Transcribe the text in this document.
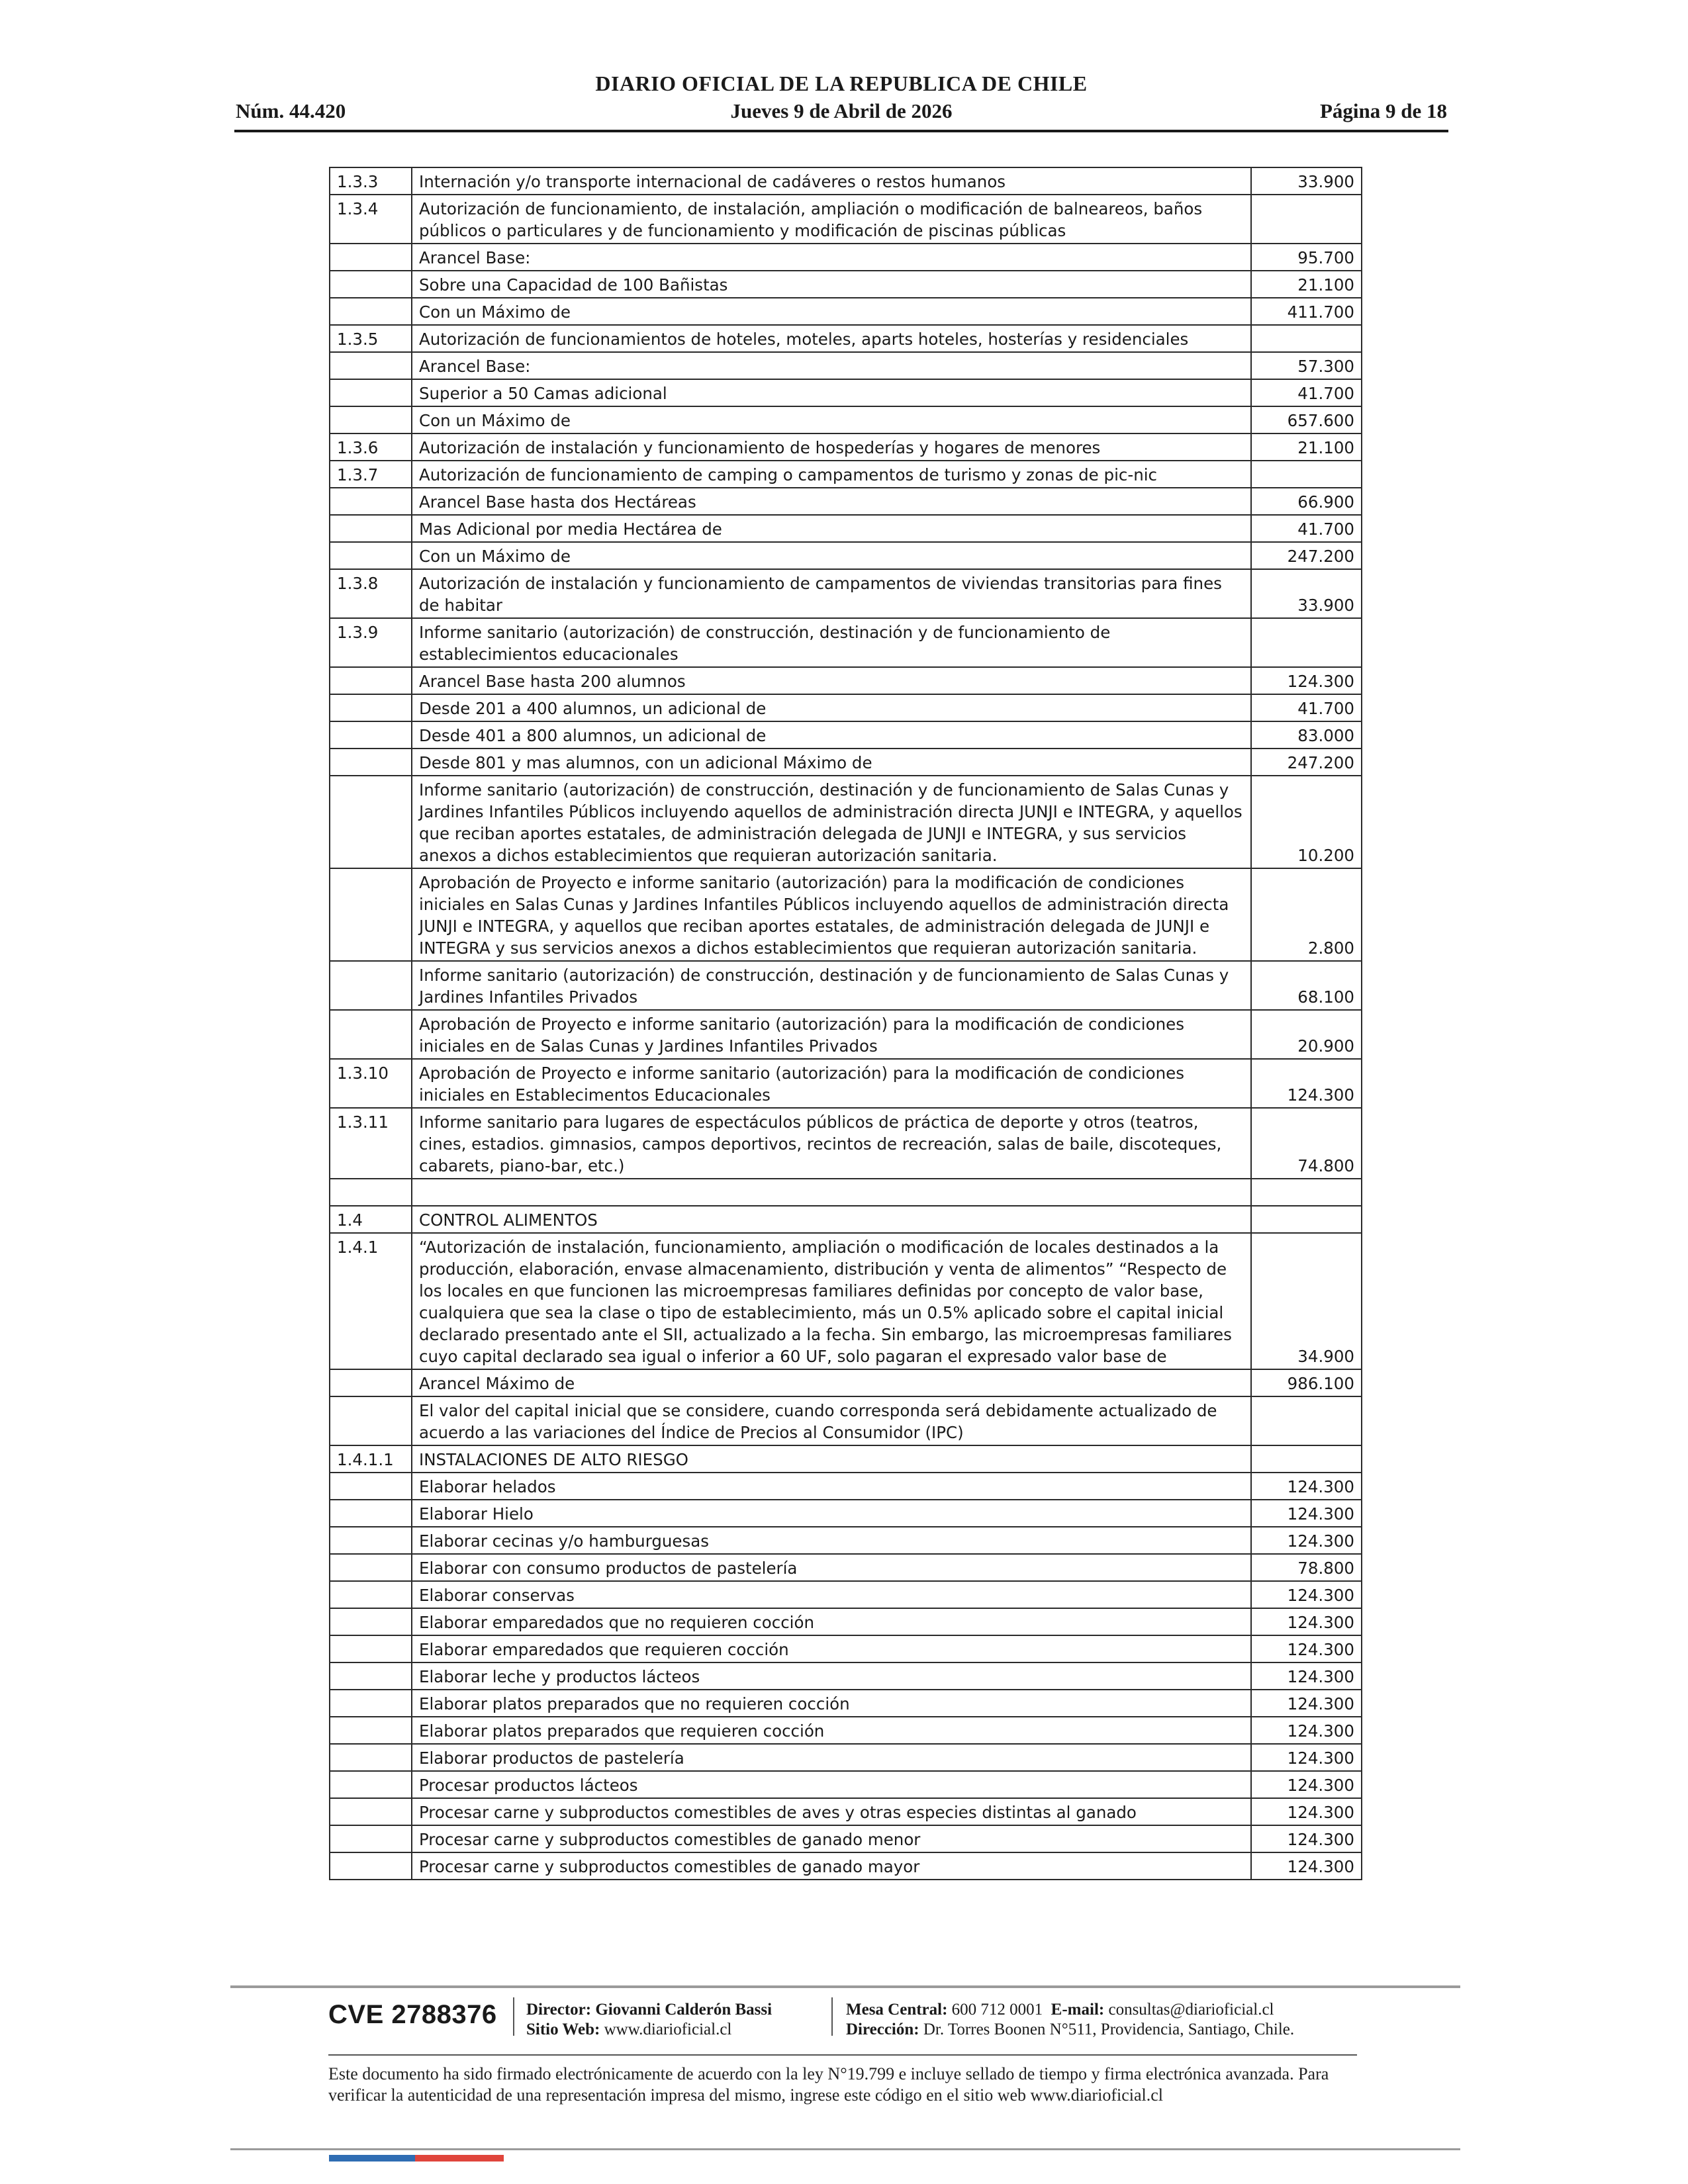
DIARIO OFICIAL DE LA REPUBLICA DE CHILE
Núm. 44.420	Jueves 9 de Abril de 2026	Página 9 de 18
1.3.3	Internación y/o transporte internacional de cadáveres o restos humanos	33.900
1.3.4	Autorización de funcionamiento, de instalación, ampliación o modificación de balneareos, baños públicos o particulares y de funcionamiento y modificación de piscinas públicas	
	Arancel Base:	95.700
	Sobre una Capacidad de 100 Bañistas	21.100
	Con un Máximo de	411.700
1.3.5	Autorización de funcionamientos de hoteles, moteles, aparts hoteles, hosterías y residenciales	
	Arancel Base:	57.300
	Superior a 50 Camas adicional	41.700
	Con un Máximo de	657.600
1.3.6	Autorización de instalación y funcionamiento de hospederías y hogares de menores	21.100
1.3.7	Autorización de funcionamiento de camping o campamentos de turismo y zonas de pic-nic	
	Arancel Base hasta dos Hectáreas	66.900
	Mas Adicional por media Hectárea de	41.700
	Con un Máximo de	247.200
1.3.8	Autorización de instalación y funcionamiento de campamentos de viviendas transitorias para fines de habitar	33.900
1.3.9	Informe sanitario (autorización) de construcción, destinación y de funcionamiento de establecimientos educacionales	
	Arancel Base hasta 200 alumnos	124.300
	Desde 201 a 400 alumnos, un adicional de	41.700
	Desde 401 a 800 alumnos, un adicional de	83.000
	Desde 801 y mas alumnos, con un adicional Máximo de	247.200
	Informe sanitario (autorización) de construcción, destinación y de funcionamiento de Salas Cunas y Jardines Infantiles Públicos incluyendo aquellos de administración directa JUNJI e INTEGRA, y aquellos que reciban aportes estatales, de administración delegada de JUNJI e INTEGRA, y sus servicios anexos a dichos establecimientos que requieran autorización sanitaria.	10.200
	Aprobación de Proyecto e informe sanitario (autorización) para la modificación de condiciones iniciales en Salas Cunas y Jardines Infantiles Públicos incluyendo aquellos de administración directa JUNJI e INTEGRA, y aquellos que reciban aportes estatales, de administración delegada de JUNJI e INTEGRA y sus servicios anexos a dichos establecimientos que requieran autorización sanitaria.	2.800
	Informe sanitario (autorización) de construcción, destinación y de funcionamiento de Salas Cunas y Jardines Infantiles Privados	68.100
	Aprobación de Proyecto e informe sanitario (autorización) para la modificación de condiciones iniciales en de Salas Cunas y Jardines Infantiles Privados	20.900
1.3.10	Aprobación de Proyecto e informe sanitario (autorización) para la modificación de condiciones iniciales en Establecimentos Educacionales	124.300
1.3.11	Informe sanitario para lugares de espectáculos públicos de práctica de deporte y otros (teatros, cines, estadios. gimnasios, campos deportivos, recintos de recreación, salas de baile, discoteques, cabarets, piano-bar, etc.)	74.800

1.4	CONTROL ALIMENTOS	
1.4.1	“Autorización de instalación, funcionamiento, ampliación o modificación de locales destinados a la producción, elaboración, envase almacenamiento, distribución y venta de alimentos” “Respecto de los locales en que funcionen las microempresas familiares definidas por concepto de valor base, cualquiera que sea la clase o tipo de establecimiento, más un 0.5% aplicado sobre el capital inicial declarado presentado ante el SII, actualizado a la fecha. Sin embargo, las microempresas familiares cuyo capital declarado sea igual o inferior a 60 UF, solo pagaran el expresado valor base de	34.900
	Arancel Máximo de	986.100
	El valor del capital inicial que se considere, cuando corresponda será debidamente actualizado de acuerdo a las variaciones del Índice de Precios al Consumidor (IPC)	
1.4.1.1	INSTALACIONES DE ALTO RIESGO	
	Elaborar helados	124.300
	Elaborar Hielo	124.300
	Elaborar cecinas y/o hamburguesas	124.300
	Elaborar con consumo productos de pastelería	78.800
	Elaborar conservas	124.300
	Elaborar emparedados que no requieren cocción	124.300
	Elaborar emparedados que requieren cocción	124.300
	Elaborar leche y productos lácteos	124.300
	Elaborar platos preparados que no requieren cocción	124.300
	Elaborar platos preparados que requieren cocción	124.300
	Elaborar productos de pastelería	124.300
	Procesar productos lácteos	124.300
	Procesar carne y subproductos comestibles de aves y otras especies distintas al ganado	124.300
	Procesar carne y subproductos comestibles de ganado menor	124.300
	Procesar carne y subproductos comestibles de ganado mayor	124.300
CVE 2788376 Director: Giovanni Calderón Bassi
Sitio Web: www.diarioficial.cl
Mesa Central: 600 712 0001 E-mail: consultas@diarioficial.cl
Dirección: Dr. Torres Boonen N°511, Providencia, Santiago, Chile.
Este documento ha sido firmado electrónicamente de acuerdo con la ley N°19.799 e incluye sellado de tiempo y firma electrónica avanzada. Para verificar la autenticidad de una representación impresa del mismo, ingrese este código en el sitio web www.diarioficial.cl
